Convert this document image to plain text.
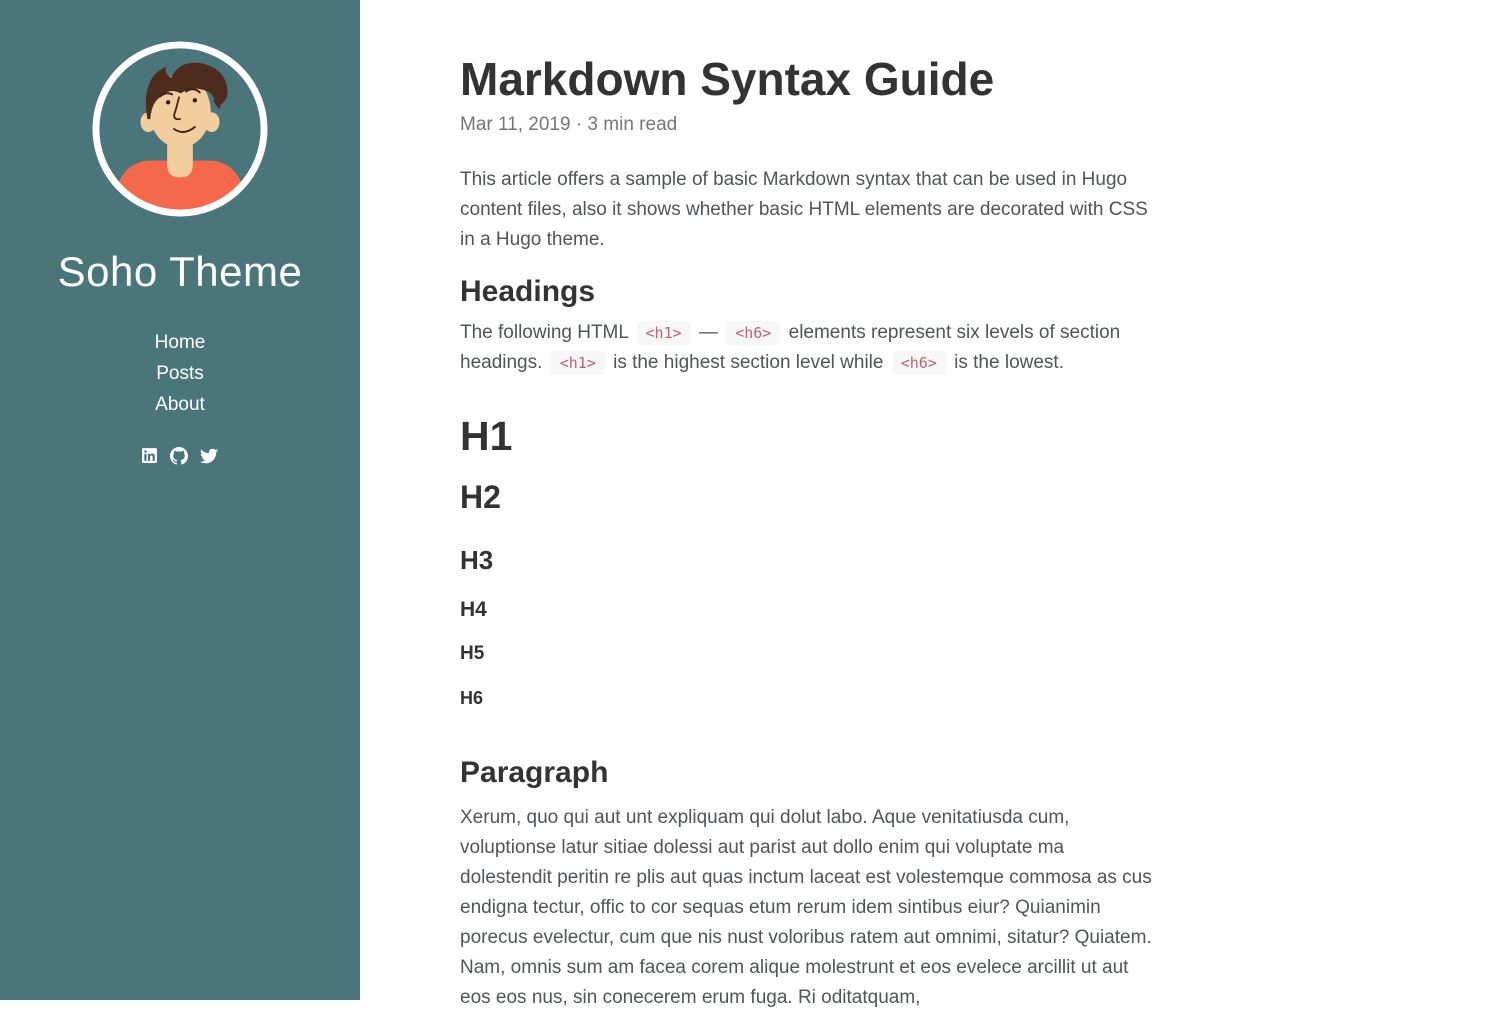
Soho Theme
Home
Posts
About

Markdown Syntax Guide
Mar 11, 2019 · 3 min read

This article offers a sample of basic Markdown syntax that can be used in Hugo content files, also it shows whether basic HTML elements are decorated with CSS in a Hugo theme.

Headings

The following HTML <h1> — <h6> elements represent six levels of section headings. <h1> is the highest section level while <h6> is the lowest.

H1
H2
H3
H4
H5
H6
Paragraph

Xerum, quo qui aut unt expliquam qui dolut labo. Aque venitatiusda cum, voluptionse latur sitiae dolessi aut parist aut dollo enim qui voluptate ma dolestendit peritin re plis aut quas inctum laceat est volestemque commosa as cus endigna tectur, offic to cor sequas etum rerum idem sintibus eiur? Quianimin porecus evelectur, cum que nis nust voloribus ratem aut omnimi, sitatur? Quiatem. Nam, omnis sum am facea corem alique molestrunt et eos evelece arcillit ut aut eos eos nus, sin conecerem erum fuga. Ri oditatquam,
